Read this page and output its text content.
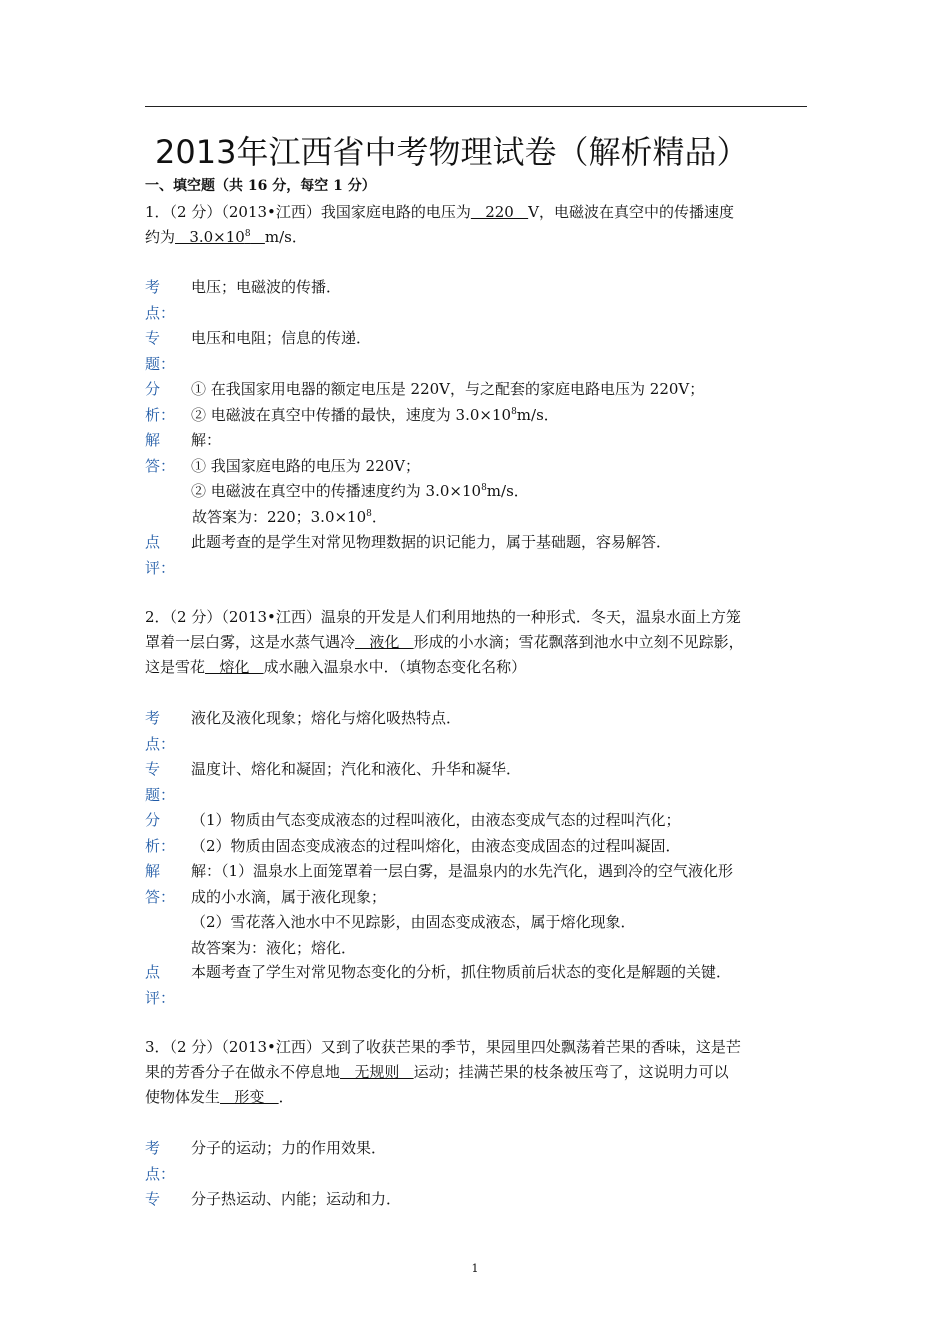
2013年江西省中考物理试卷（解析精品）
一、填空题（共 16 分，每空 1 分）
1．（2 分）（2013•江西）我国家庭电路的电压为   220   V，电磁波在真空中的传播速度
约为   $3.0\times 10^8$ m/s．
考
点：
电压；电磁波的传播．
专
题：
电压和电阻；信息的传递．
分
析：
① 在我国家用电器的额定电压是 220V，与之配套的家庭电路电压为 220V；
② 电磁波在真空中传播的最快，速度为 $3.0\times 10^8m/s$．
解
答：
解：
① 我国家庭电路的电压为 220V；
② 电磁波在真空中的传播速度约为 $3.0\times 10^8m/s$．
故答案为：220；$3.0\times 10^8$．
点
评：
此题考查的是学生对常见物理数据的识记能力，属于基础题，容易解答．
2．（2 分）（2013•江西）温泉的开发是人们利用地热的一种形式．冬天，温泉水面上方笼
罩着一层白雾，这是水蒸气遇冷   液化   形成的小水滴；雪花飘落到池水中立刻不见踪影，
这是雪花   熔化   成水融入温泉水中．（填物态变化名称）
考
点：
液化及液化现象；熔化与熔化吸热特点．
专
题：
温度计、熔化和凝固；汽化和液化、升华和凝华．
分
析：
（1）物质由气态变成液态的过程叫液化，由液态变成气态的过程叫汽化；
（2）物质由固态变成液态的过程叫熔化，由液态变成固态的过程叫凝固．
解
答：
解：（1）温泉水上面笼罩着一层白雾，是温泉内的水先汽化，遇到冷的空气液化形
成的小水滴，属于液化现象；
（2）雪花落入池水中不见踪影，由固态变成液态，属于熔化现象．
故答案为：液化；熔化．
点
评：
本题考查了学生对常见物态变化的分析，抓住物质前后状态的变化是解题的关键．
3．（2 分）（2013•江西）又到了收获芒果的季节，果园里四处飘荡着芒果的香味，这是芒
果的芳香分子在做永不停息地   无规则   运动；挂满芒果的枝条被压弯了，这说明力可以
使物体发生   形变   ．
考
点：
分子的运动；力的作用效果．
专	分子热运动、内能；运动和力．
1
